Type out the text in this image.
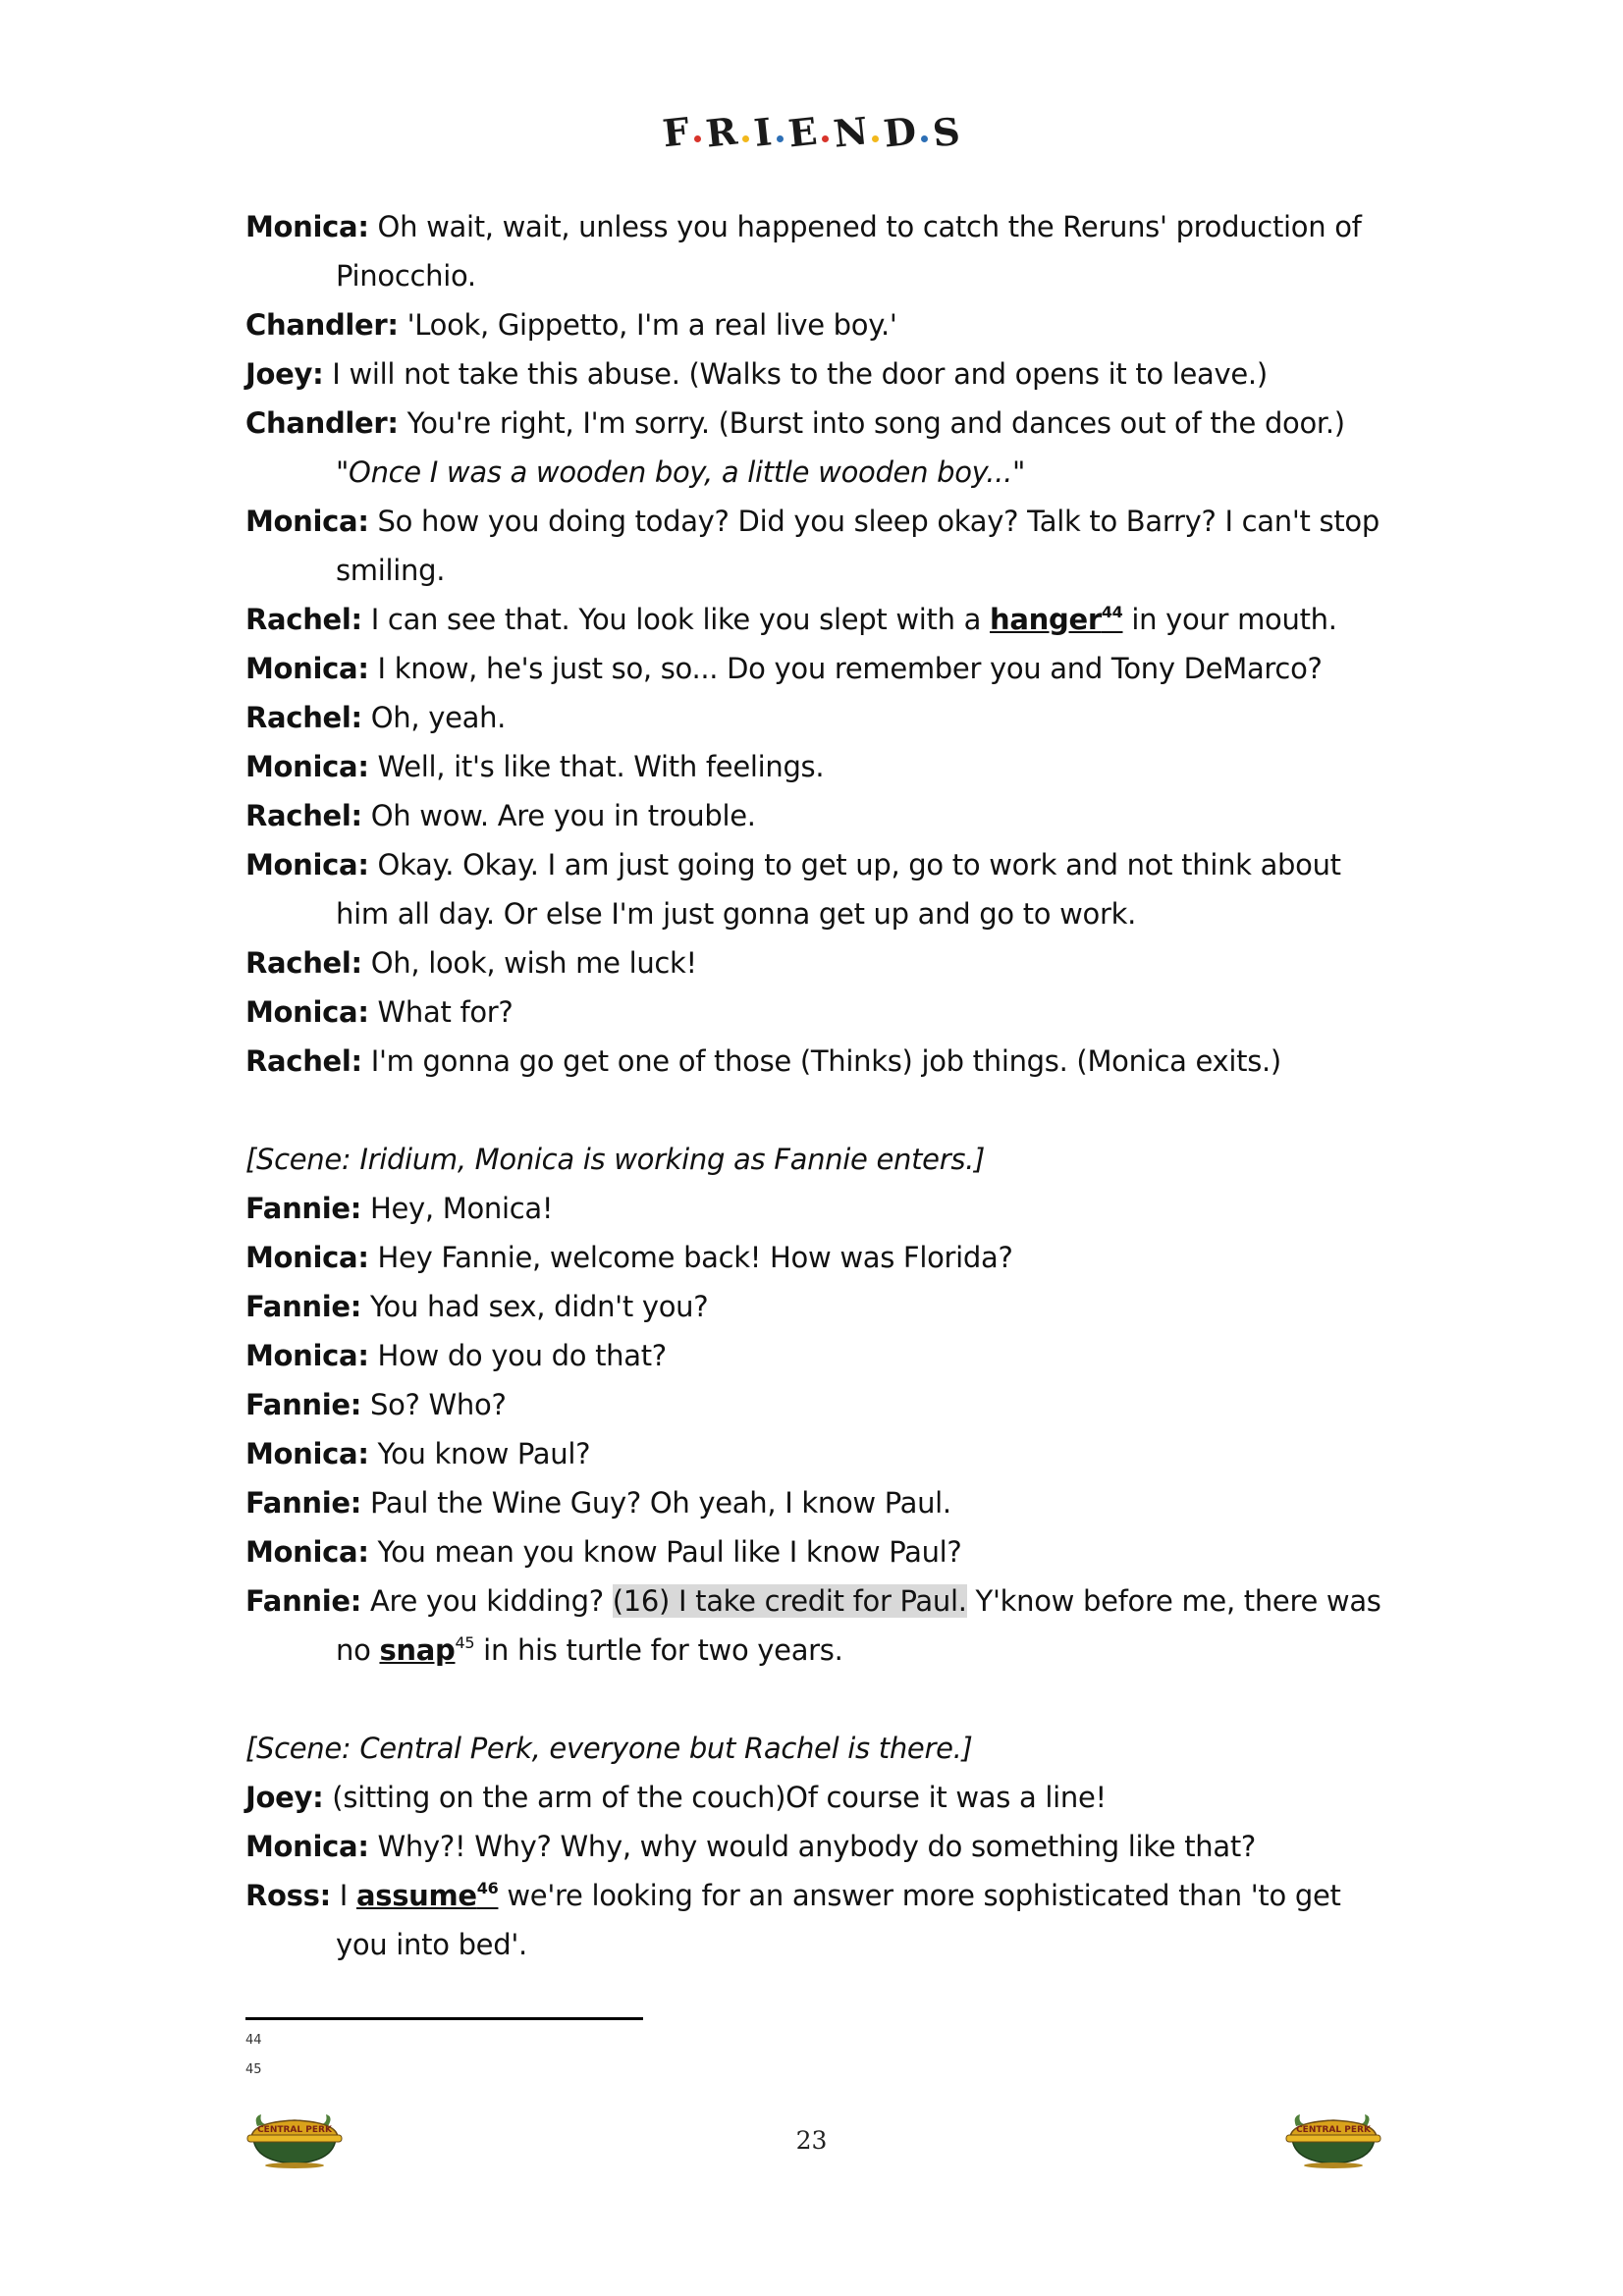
F R I E N D S
Monica: Oh wait, wait, unless you happened to catch the Reruns' production of Pinocchio.
Chandler: 'Look, Gippetto, I'm a real live boy.'
Joey: I will not take this abuse. (Walks to the door and opens it to leave.)
Chandler: You're right, I'm sorry. (Burst into song and dances out of the door.)
"Once I was a wooden boy, a little wooden boy..."
Monica: So how you doing today? Did you sleep okay? Talk to Barry? I can't stop smiling.
Rachel: I can see that. You look like you slept with a hanger$^{44}$ in your mouth.
Monica: I know, he's just so, so... Do you remember you and Tony DeMarco?
Rachel: Oh, yeah.
Monica: Well, it's like that. With feelings.
Rachel: Oh wow. Are you in trouble.
Monica: Okay. Okay. I am just going to get up, go to work and not think about him all day. Or else I'm just gonna get up and go to work.
Rachel: Oh, look, wish me luck!
Monica: What for?
Rachel: I'm gonna go get one of those (Thinks) job things. (Monica exits.)
[Scene: Iridium, Monica is working as Fannie enters.]
Fannie: Hey, Monica!
Monica: Hey Fannie, welcome back! How was Florida?
Fannie: You had sex, didn't you?
Monica: How do you do that?
Fannie: So? Who?
Monica: You know Paul?
Fannie: Paul the Wine Guy? Oh yeah, I know Paul.
Monica: You mean you know Paul like I know Paul?
Fannie: Are you kidding? (16) I take credit for Paul. Y'know before me, there was no snap$^{45}$ in his turtle for two years.
[Scene: Central Perk, everyone but Rachel is there.]
Joey: (sitting on the arm of the couch)Of course it was a line!
Monica: Why?! Why? Why, why would anybody do something like that?
Ross: I assume$^{46}$ we're looking for an answer more sophisticated than 'to get you into bed'.
44
45
23
CENTRAL PERK	CENTRAL PERK
